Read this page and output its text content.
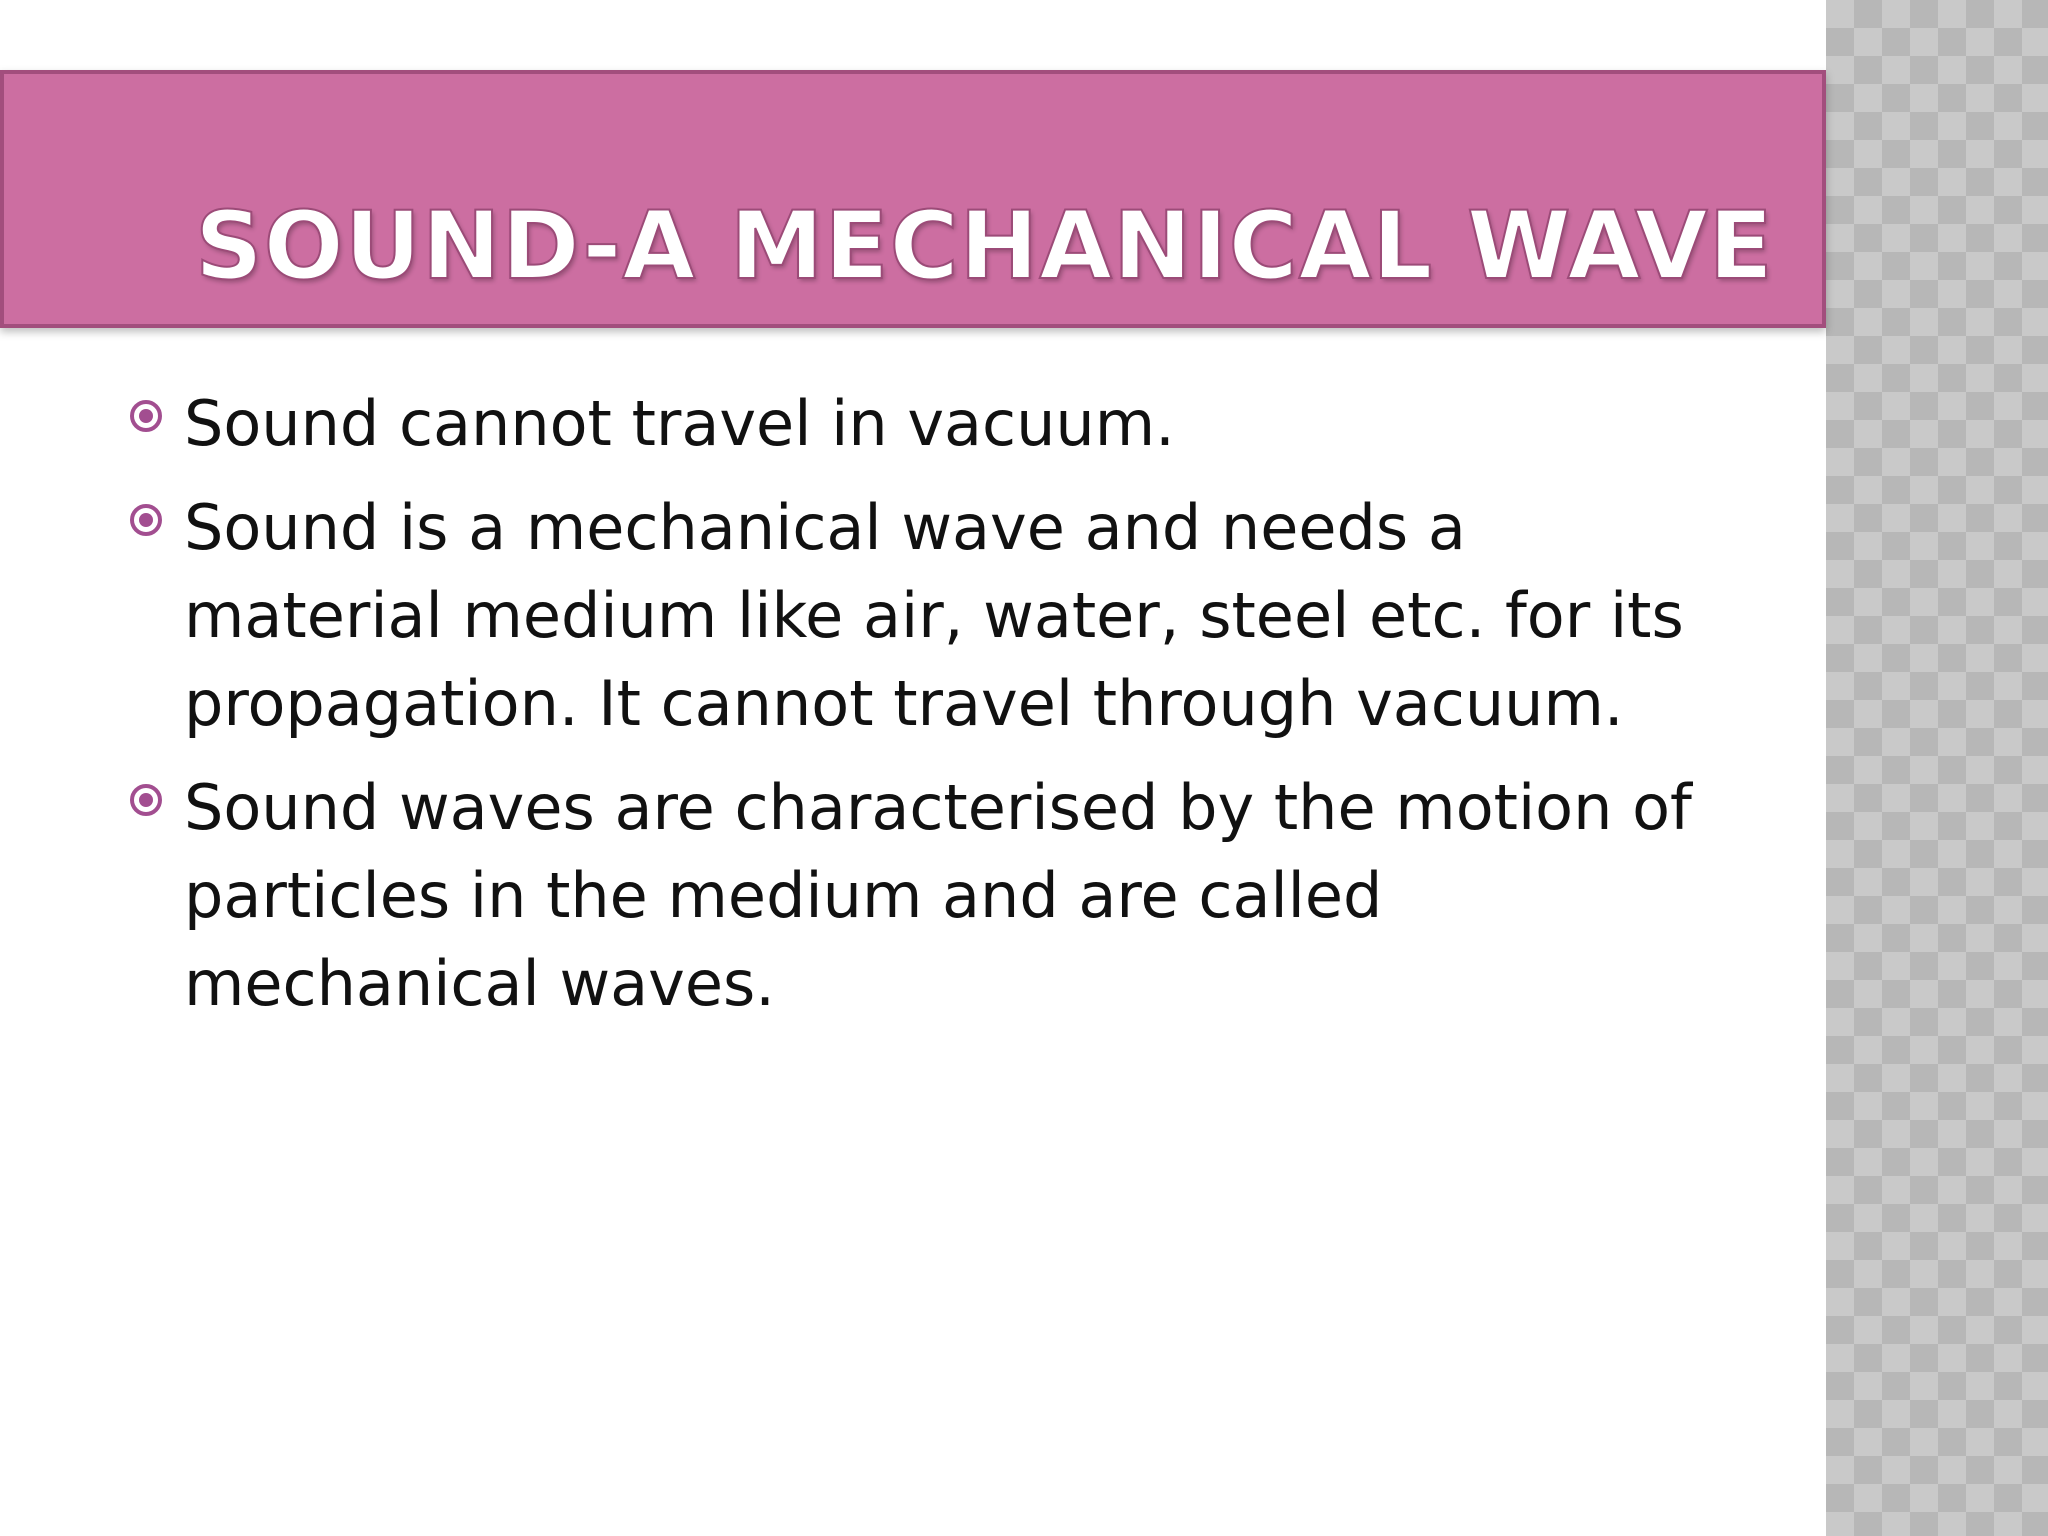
SOUND-A MECHANICAL WAVE
Sound cannot travel in vacuum.
Sound is a mechanical wave and needs a material medium like air, water, steel etc. for its propagation. It cannot travel through vacuum.
Sound waves are characterised by the motion of particles in the medium and are called mechanical waves.
